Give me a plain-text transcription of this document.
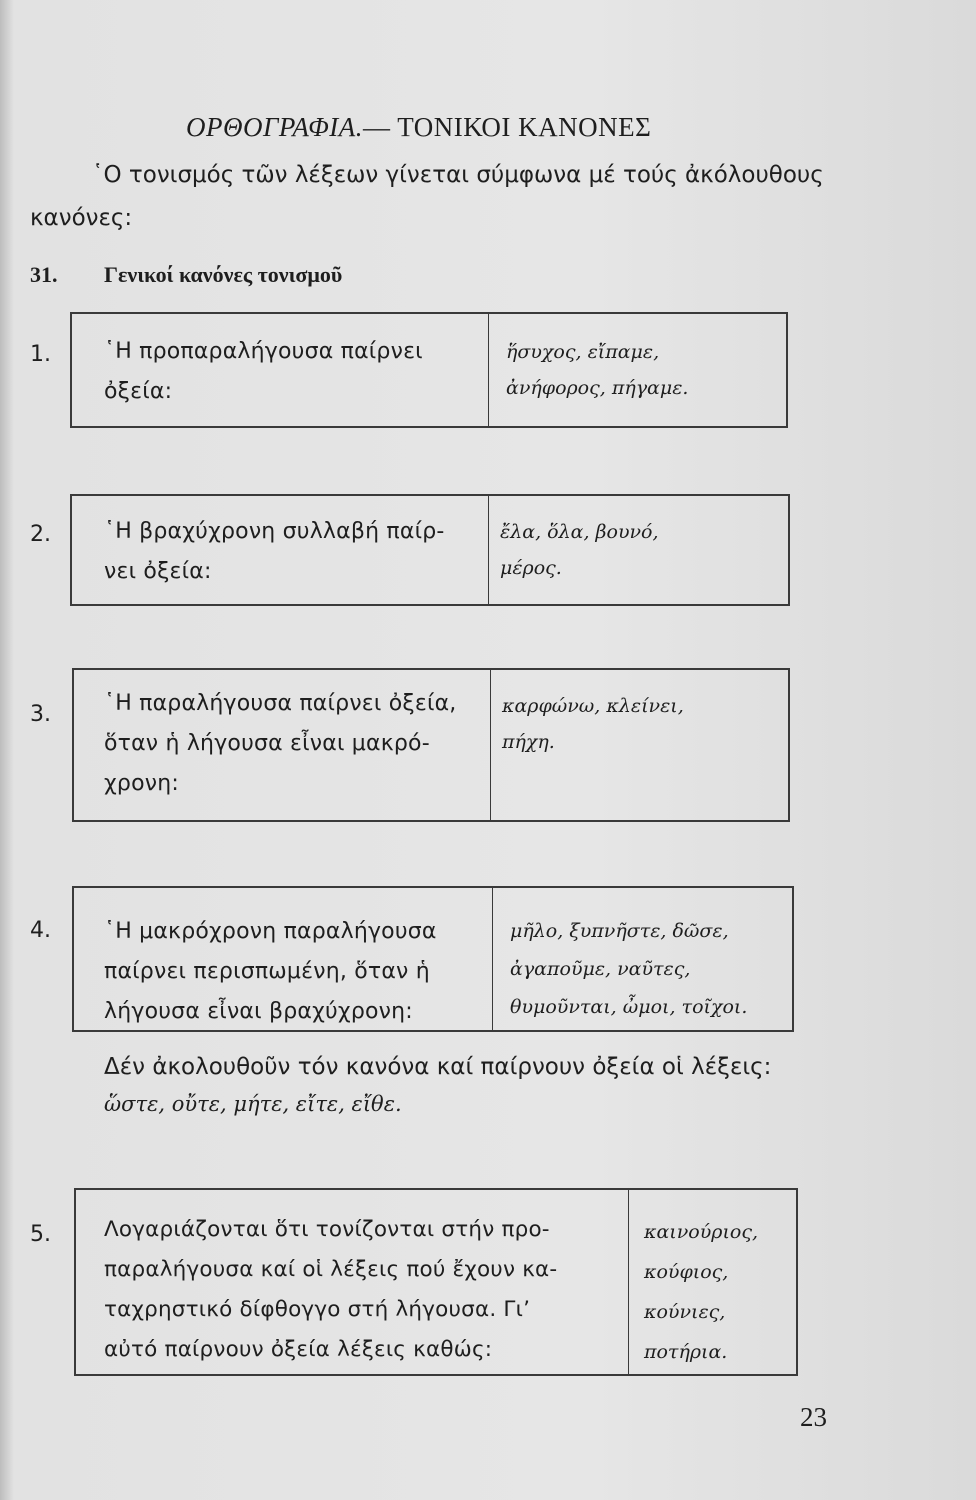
ΟΡΘΟΓΡΑΦΙΑ.— ΤΟΝΙΚΟΙ ΚΑΝΟΝΕΣ
῾Ο τονισμός τῶν λέξεων γίνεται σύμφωνα μέ τούς ἀκόλουθους
κανόνες:
31. Γενικοί κανόνες τονισμοῦ
1. ῾Η προπαραλήγουσα παίρνει
ὀξεία:
ἥσυχος, εἴπαμε,
ἀνήφορος, πήγαμε.
2. ῾Η βραχύχρονη συλλαβή παίρ-
νει ὀξεία:
ἔλα, ὅλα, βουνό,
μέρος.
3. ῾Η παραλήγουσα παίρνει ὀξεία,
ὅταν ἡ λήγουσα εἶναι μακρό-
χρονη:
καρφώνω, κλείνει,
πήχη.
4. ῾Η μακρόχρονη παραλήγουσα
παίρνει περισπωμένη, ὅταν ἡ
λήγουσα εἶναι βραχύχρονη:
μῆλο, ξυπνῆστε, δῶσε,
ἀγαποῦμε, ναῦτες,
θυμοῦνται, ὦμοι, τοῖχοι.
Δέν ἀκολουθοῦν τόν κανόνα καί παίρνουν ὀξεία οἱ λέξεις:
ὥστε, οὔτε, μήτε, εἴτε, εἴθε.
5. Λογαριάζονται ὅτι τονίζονται στήν προ-
παραλήγουσα καί οἱ λέξεις πού ἔχουν κα-
ταχρηστικό δίφθογγο στή λήγουσα. Γι’
αὐτό παίρνουν ὀξεία λέξεις καθώς:
καινούριος,
κούφιος,
κούνιες,
ποτήρια.
23
